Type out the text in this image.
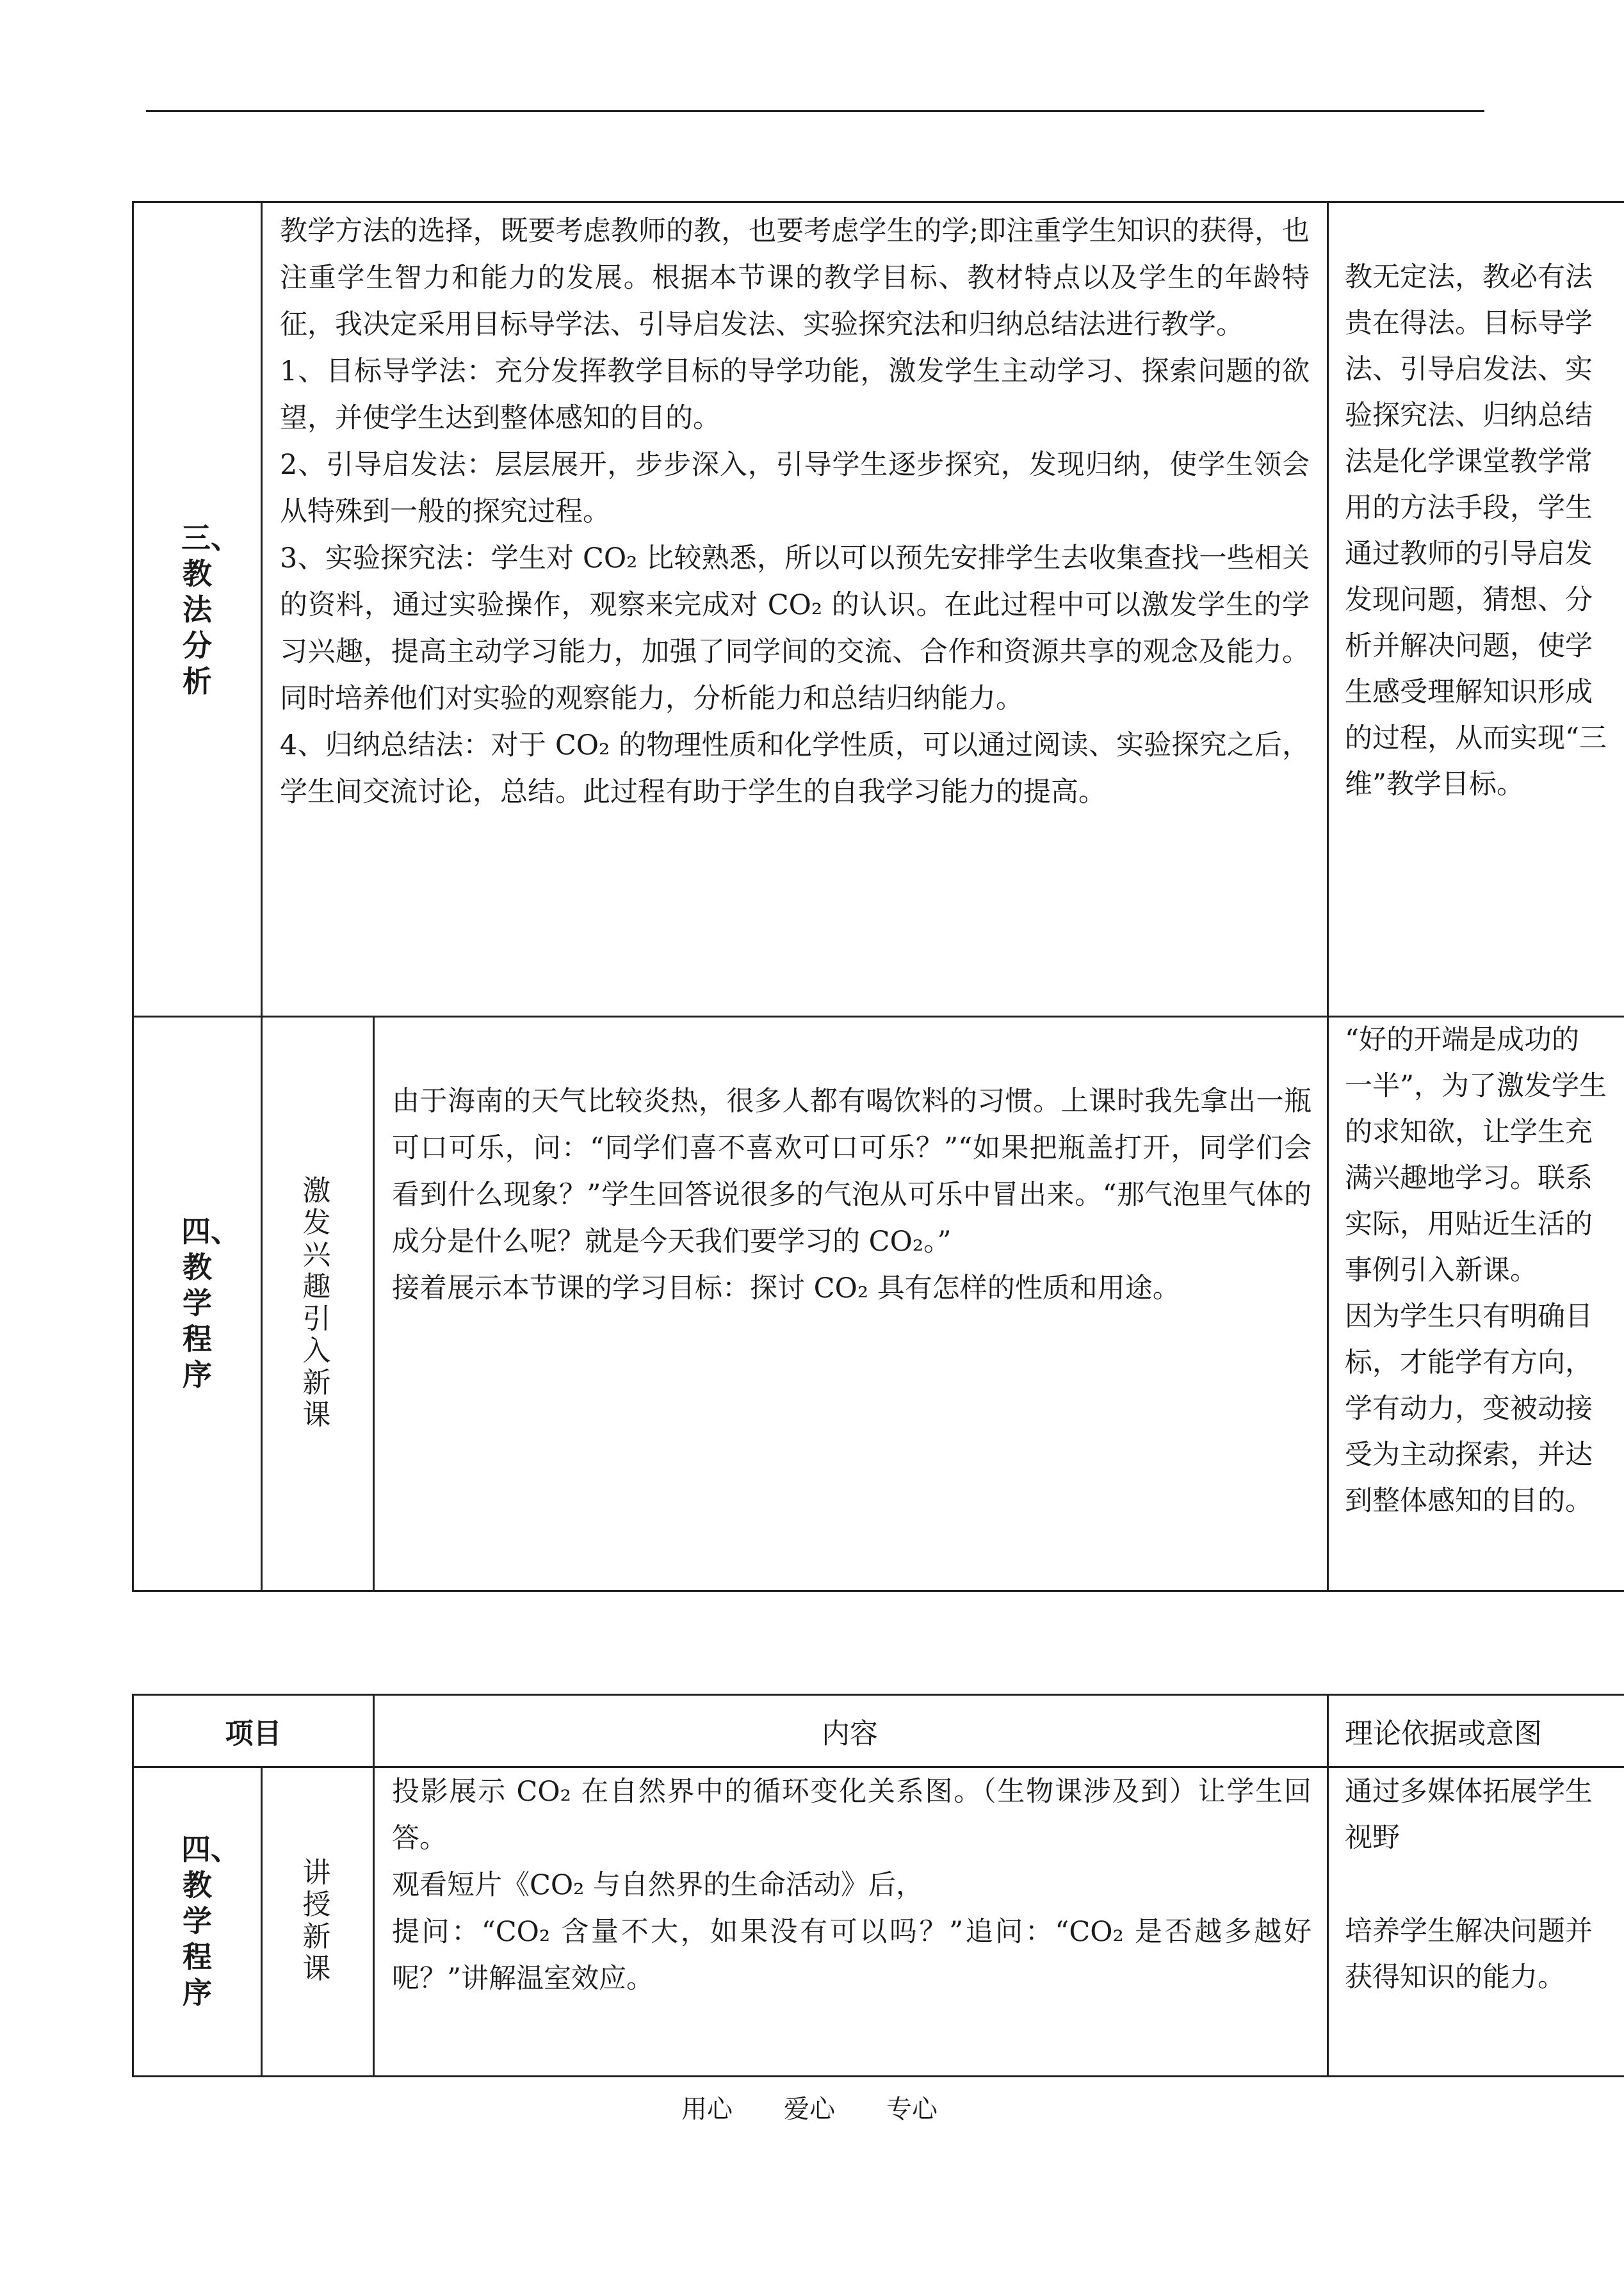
三、教法分析

教学方法的选择，既要考虑教师的教，也要考虑学生的学;即注重学生知识的获得，也注重学生智力和能力的发展。根据本节课的教学目标、教材特点以及学生的年龄特征，我决定采用目标导学法、引导启发法、实验探究法和归纳总结法进行教学。

1、目标导学法：充分发挥教学目标的导学功能，激发学生主动学习、探索问题的欲望，并使学生达到整体感知的目的。

2、引导启发法：层层展开，步步深入，引导学生逐步探究，发现归纳，使学生领会从特殊到一般的探究过程。

3、实验探究法：学生对 CO₂ 比较熟悉，所以可以预先安排学生去收集查找一些相关的资料，通过实验操作，观察来完成对 CO₂ 的认识。在此过程中可以激发学生的学习兴趣，提高主动学习能力，加强了同学间的交流、合作和资源共享的观念及能力。同时培养他们对实验的观察能力，分析能力和总结归纳能力。

4、归纳总结法：对于 CO₂ 的物理性质和化学性质，可以通过阅读、实验探究之后，学生间交流讨论，总结。此过程有助于学生的自我学习能力的提高。

教无定法，教必有法

贵在得法。目标导学

法、引导启发法、实

验探究法、归纳总结

法是化学课堂教学常

用的方法手段，学生

通过教师的引导启发

发现问题，猜想、分

析并解决问题，使学

生感受理解知识形成

的过程，从而实现“三

维”教学目标。

四、教学程序
激发兴趣 引入新课

由于海南的天气比较炎热，很多人都有喝饮料的习惯。上课时我先拿出一瓶可口可乐，问：“同学们喜不喜欢可口可乐？”“如果把瓶盖打开，同学们会看到什么现象？”学生回答说很多的气泡从可乐中冒出来。“那气泡里气体的成分是什么呢？就是今天我们要学习的 CO₂。”

接着展示本节课的学习目标：探讨 CO₂ 具有怎样的性质和用途。

“好的开端是成功的

一半”，为了激发学生

的求知欲，让学生充

满兴趣地学习。联系

实际，用贴近生活的

事例引入新课。

因为学生只有明确目

标，才能学有方向，

学有动力，变被动接

受为主动探索，并达

到整体感知的目的。

项目	内容	理论依据或意图
四、教学程序
讲授新课

投影展示 CO₂ 在自然界中的循环变化关系图。（生物课涉及到）让学生回答。

观看短片《CO₂ 与自然界的生命活动》后，

提问：“CO₂ 含量不大，如果没有可以吗？”追问：“CO₂ 是否越多越好呢？”讲解温室效应。

通过多媒体拓展学生

视野

培养学生解决问题并

获得知识的能力。

用心　　爱心　　专心
